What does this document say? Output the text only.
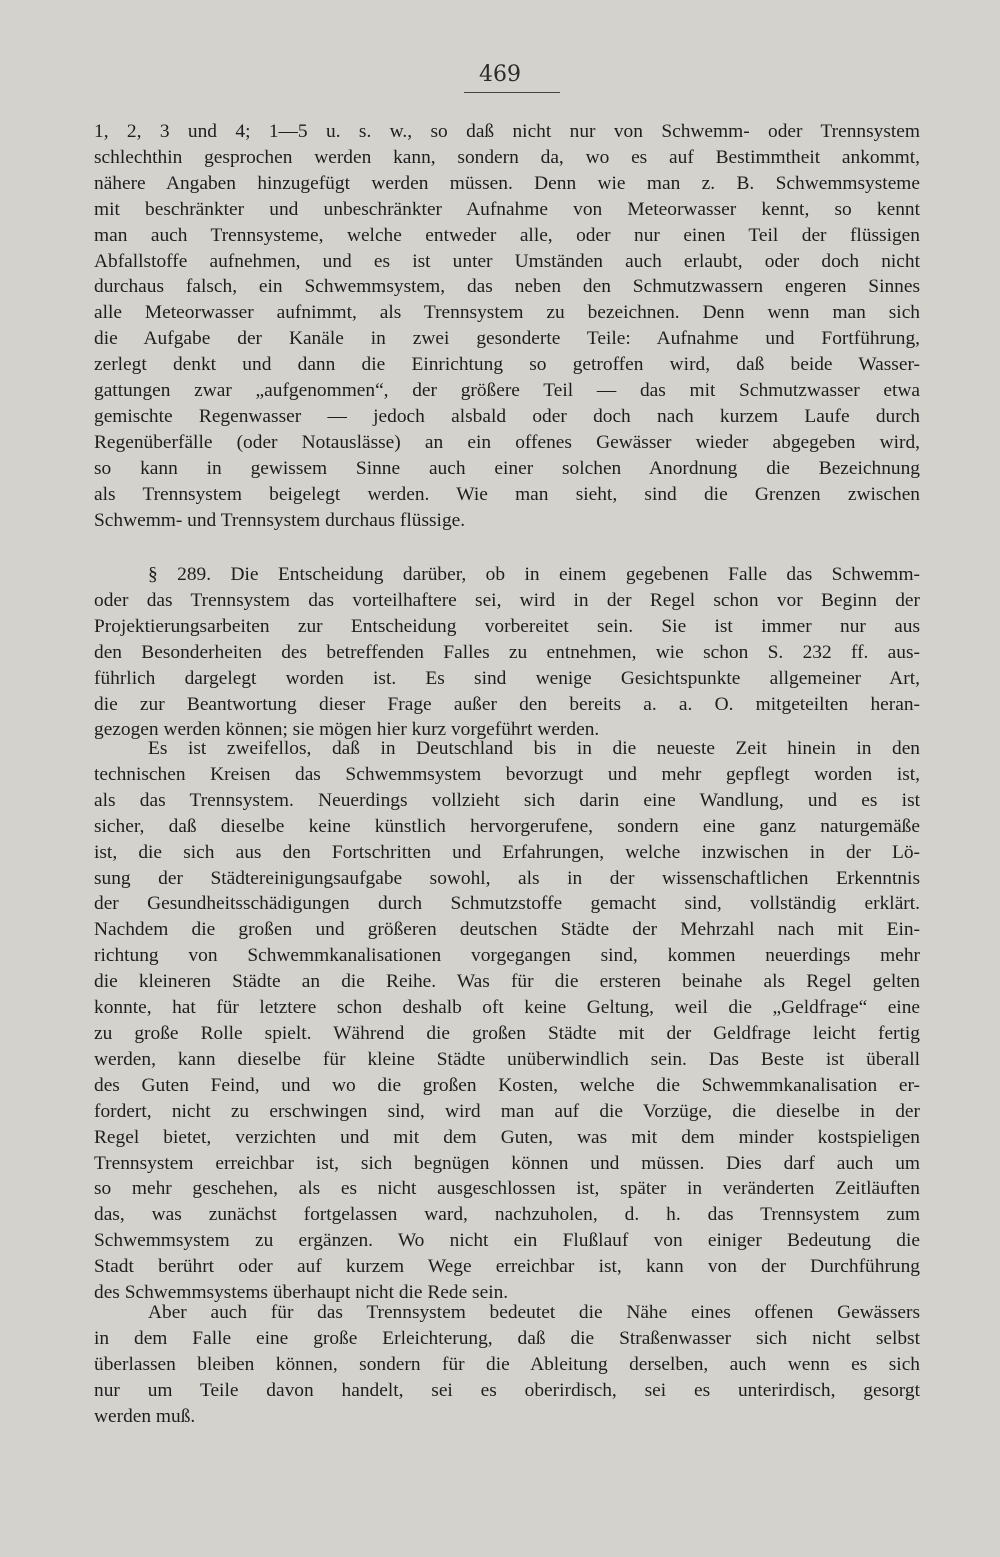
469
1, 2, 3 und 4; 1—5 u. s. w., so daß nicht nur von Schwemm- oder Trennsystem
schlechthin gesprochen werden kann, sondern da, wo es auf Bestimmtheit ankommt,
nähere Angaben hinzugefügt werden müssen. Denn wie man z. B. Schwemmsysteme
mit beschränkter und unbeschränkter Aufnahme von Meteorwasser kennt, so kennt
man auch Trennsysteme, welche entweder alle, oder nur einen Teil der flüssigen
Abfallstoffe aufnehmen, und es ist unter Umständen auch erlaubt, oder doch nicht
durchaus falsch, ein Schwemmsystem, das neben den Schmutzwassern engeren Sinnes
alle Meteorwasser aufnimmt, als Trennsystem zu bezeichnen. Denn wenn man sich
die Aufgabe der Kanäle in zwei gesonderte Teile: Aufnahme und Fortführung,
zerlegt denkt und dann die Einrichtung so getroffen wird, daß beide Wasser-
gattungen zwar „aufgenommen“, der größere Teil — das mit Schmutzwasser etwa
gemischte Regenwasser — jedoch alsbald oder doch nach kurzem Laufe durch
Regenüberfälle (oder Notauslässe) an ein offenes Gewässer wieder abgegeben wird,
so kann in gewissem Sinne auch einer solchen Anordnung die Bezeichnung
als Trennsystem beigelegt werden. Wie man sieht, sind die Grenzen zwischen
Schwemm- und Trennsystem durchaus flüssige.
§ 289. Die Entscheidung darüber, ob in einem gegebenen Falle das Schwemm-
oder das Trennsystem das vorteilhaftere sei, wird in der Regel schon vor Beginn der
Projektierungsarbeiten zur Entscheidung vorbereitet sein. Sie ist immer nur aus
den Besonderheiten des betreffenden Falles zu entnehmen, wie schon S. 232 ff. aus-
führlich dargelegt worden ist. Es sind wenige Gesichtspunkte allgemeiner Art,
die zur Beantwortung dieser Frage außer den bereits a. a. O. mitgeteilten heran-
gezogen werden können; sie mögen hier kurz vorgeführt werden.
Es ist zweifellos, daß in Deutschland bis in die neueste Zeit hinein in den
technischen Kreisen das Schwemmsystem bevorzugt und mehr gepflegt worden ist,
als das Trennsystem. Neuerdings vollzieht sich darin eine Wandlung, und es ist
sicher, daß dieselbe keine künstlich hervorgerufene, sondern eine ganz naturgemäße
ist, die sich aus den Fortschritten und Erfahrungen, welche inzwischen in der Lö-
sung der Städtereinigungsaufgabe sowohl, als in der wissenschaftlichen Erkenntnis
der Gesundheitsschädigungen durch Schmutzstoffe gemacht sind, vollständig erklärt.
Nachdem die großen und größeren deutschen Städte der Mehrzahl nach mit Ein-
richtung von Schwemmkanalisationen vorgegangen sind, kommen neuerdings mehr
die kleineren Städte an die Reihe. Was für die ersteren beinahe als Regel gelten
konnte, hat für letztere schon deshalb oft keine Geltung, weil die „Geldfrage“ eine
zu große Rolle spielt. Während die großen Städte mit der Geldfrage leicht fertig
werden, kann dieselbe für kleine Städte unüberwindlich sein. Das Beste ist überall
des Guten Feind, und wo die großen Kosten, welche die Schwemmkanalisation er-
fordert, nicht zu erschwingen sind, wird man auf die Vorzüge, die dieselbe in der
Regel bietet, verzichten und mit dem Guten, was mit dem minder kostspieligen
Trennsystem erreichbar ist, sich begnügen können und müssen. Dies darf auch um
so mehr geschehen, als es nicht ausgeschlossen ist, später in veränderten Zeitläuften
das, was zunächst fortgelassen ward, nachzuholen, d. h. das Trennsystem zum
Schwemmsystem zu ergänzen. Wo nicht ein Flußlauf von einiger Bedeutung die
Stadt berührt oder auf kurzem Wege erreichbar ist, kann von der Durchführung
des Schwemmsystems überhaupt nicht die Rede sein.
Aber auch für das Trennsystem bedeutet die Nähe eines offenen Gewässers
in dem Falle eine große Erleichterung, daß die Straßenwasser sich nicht selbst
überlassen bleiben können, sondern für die Ableitung derselben, auch wenn es sich
nur um Teile davon handelt, sei es oberirdisch, sei es unterirdisch, gesorgt
werden muß.
